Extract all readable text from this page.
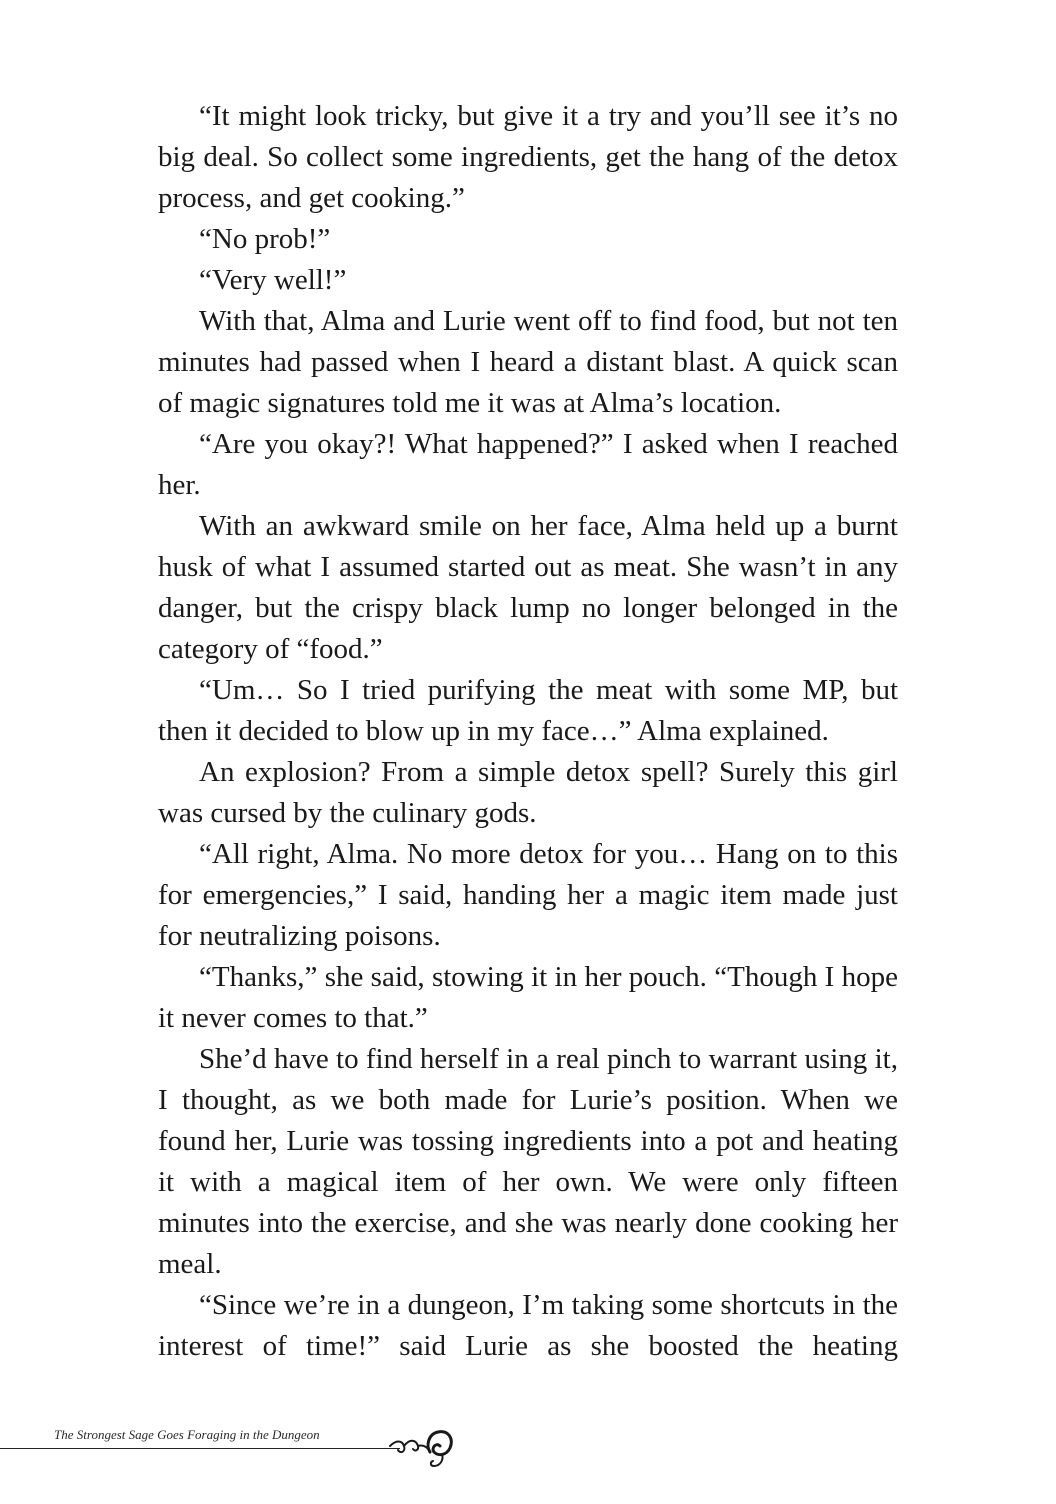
“It might look tricky, but give it a try and you’ll see it’s no big deal. So collect some ingredients, get the hang of the detox process, and get cooking.”

“No prob!”

“Very well!”

With that, Alma and Lurie went off to find food, but not ten minutes had passed when I heard a distant blast. A quick scan of magic signatures told me it was at Alma’s location.

“Are you okay?! What happened?” I asked when I reached her.

With an awkward smile on her face, Alma held up a burnt husk of what I assumed started out as meat. She wasn’t in any danger, but the crispy black lump no longer belonged in the category of “food.”

“Um… So I tried purifying the meat with some MP, but then it decided to blow up in my face…” Alma explained.

An explosion? From a simple detox spell? Surely this girl was cursed by the culinary gods.

“All right, Alma. No more detox for you… Hang on to this for emergencies,” I said, handing her a magic item made just for neutralizing poisons.

“Thanks,” she said, stowing it in her pouch. “Though I hope it never comes to that.”

She’d have to find herself in a real pinch to warrant using it, I thought, as we both made for Lurie’s position. When we found her, Lurie was tossing ingredients into a pot and heating it with a magical item of her own. We were only fifteen minutes into the exercise, and she was nearly done cooking her meal.

“Since we’re in a dungeon, I’m taking some shortcuts in the interest of time!” said Lurie as she boosted the heating

The Strongest Sage Goes Foraging in the Dungeon
